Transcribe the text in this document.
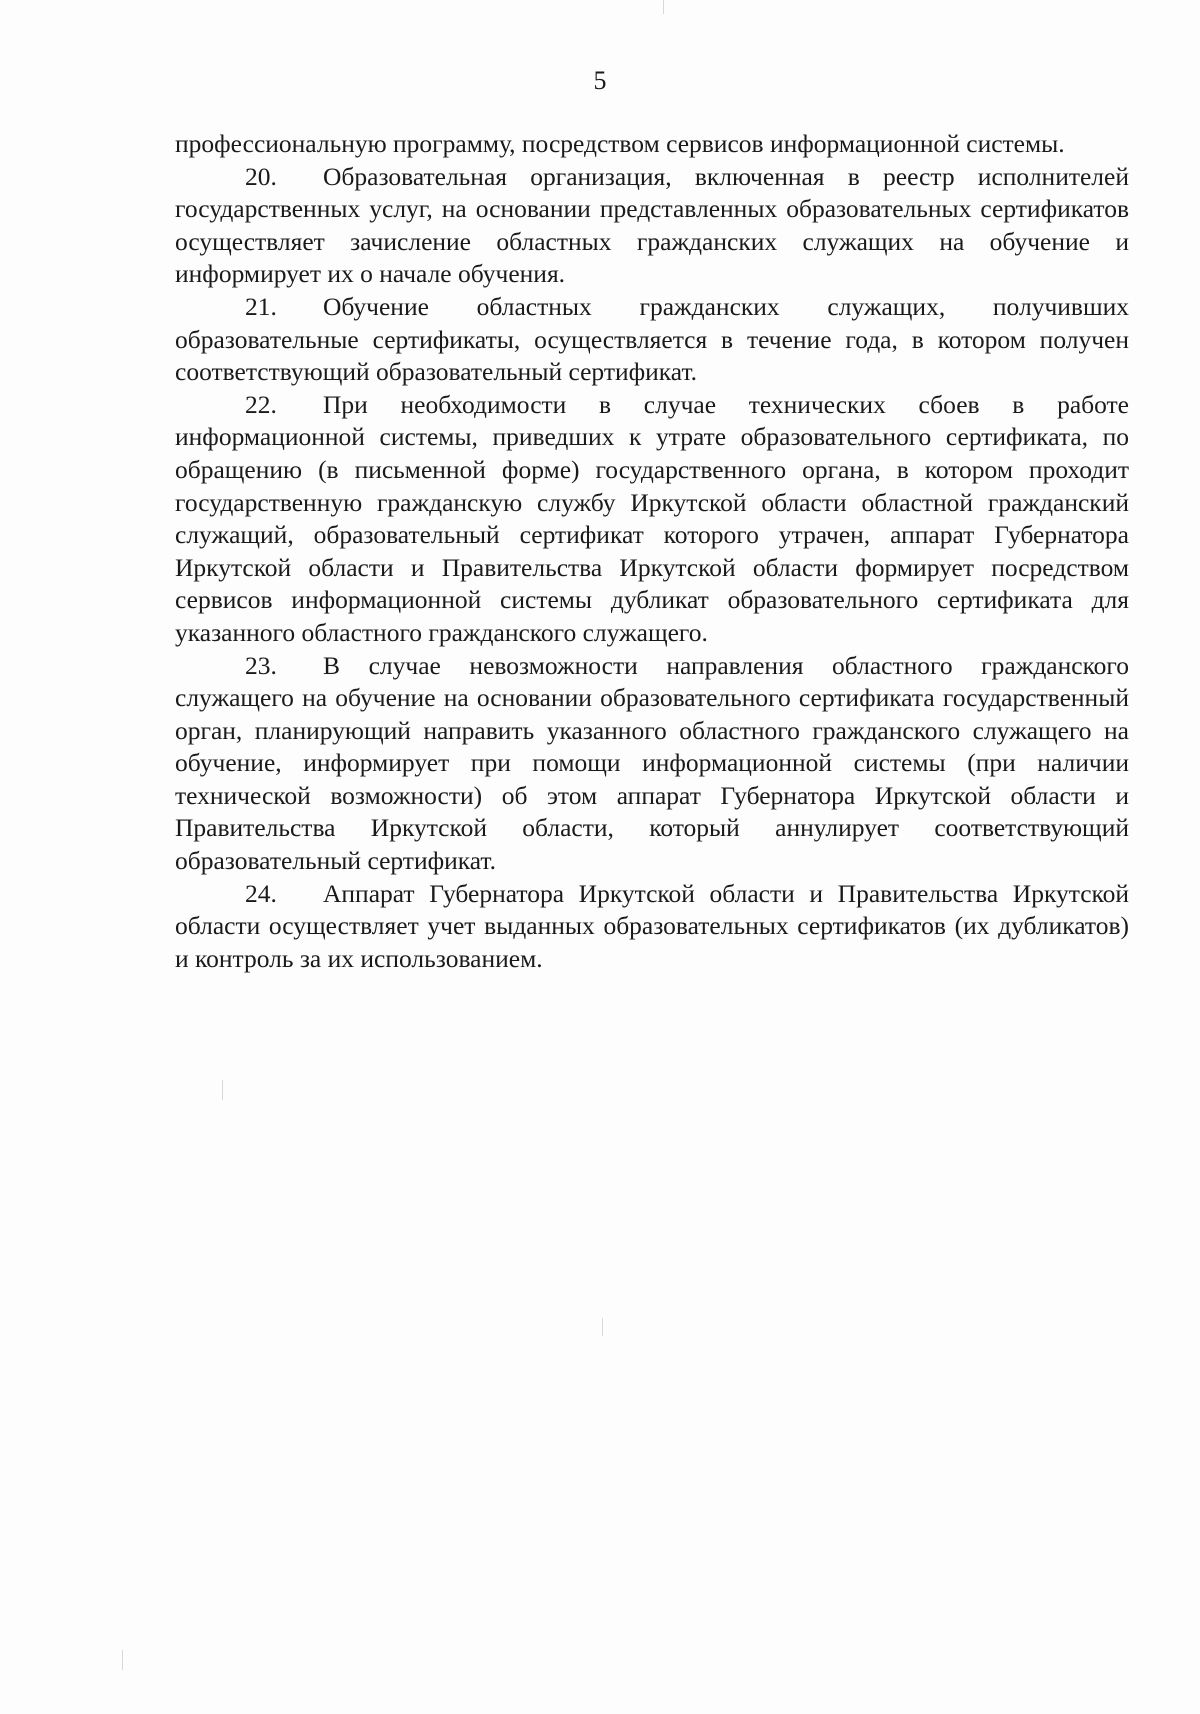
5

профессиональную программу, посредством сервисов информационной системы.

20. Образовательная организация, включенная в реестр исполнителей государственных услуг, на основании представленных образовательных сертификатов осуществляет зачисление областных гражданских служащих на обучение и информирует их о начале обучения.

21. Обучение областных гражданских служащих, получивших образовательные сертификаты, осуществляется в течение года, в котором получен соответствующий образовательный сертификат.

22. При необходимости в случае технических сбоев в работе информационной системы, приведших к утрате образовательного сертификата, по обращению (в письменной форме) государственного органа, в котором проходит государственную гражданскую службу Иркутской области областной гражданский служащий, образовательный сертификат которого утрачен, аппарат Губернатора Иркутской области и Правительства Иркутской области формирует посредством сервисов информационной системы дубликат образовательного сертификата для указанного областного гражданского служащего.

23. В случае невозможности направления областного гражданского служащего на обучение на основании образовательного сертификата государственный орган, планирующий направить указанного областного гражданского служащего на обучение, информирует при помощи информационной системы (при наличии технической возможности) об этом аппарат Губернатора Иркутской области и Правительства Иркутской области, который аннулирует соответствующий образовательный сертификат.

24. Аппарат Губернатора Иркутской области и Правительства Иркутской области осуществляет учет выданных образовательных сертификатов (их дубликатов) и контроль за их использованием.
